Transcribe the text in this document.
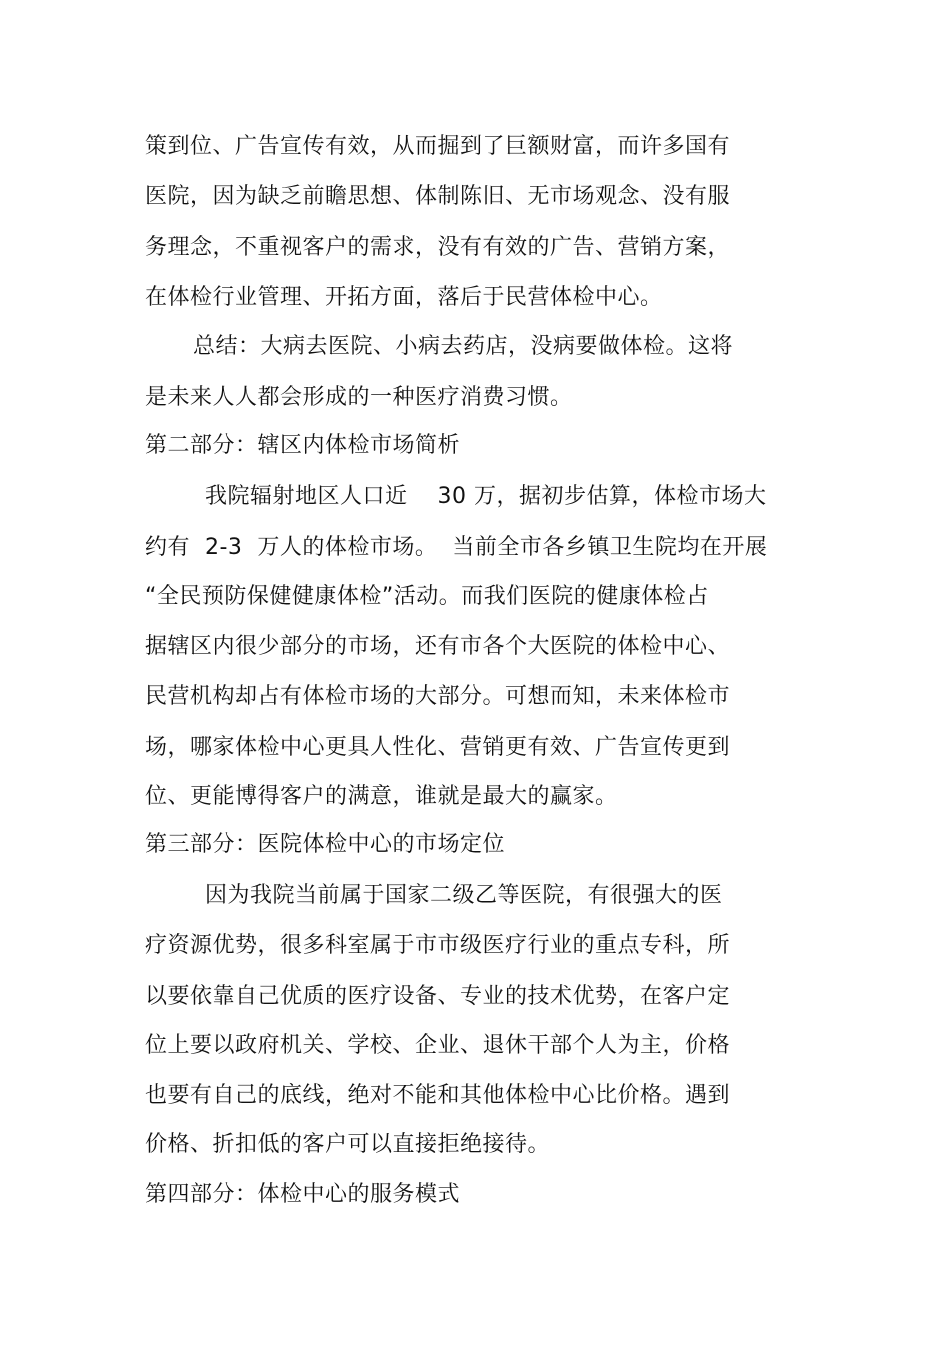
策到位、广告宣传有效，从而掘到了巨额财富，而许多国有
医院，因为缺乏前瞻思想、体制陈旧、无市场观念、没有服
务理念，不重视客户的需求，没有有效的广告、营销方案，
在体检行业管理、开拓方面，落后于民营体检中心。
总结：大病去医院、小病去药店，没病要做体检。这将
是未来人人都会形成的一种医疗消费习惯。
第二部分：辖区内体检市场简析
我院辐射地区人口近    30 万，据初步估算，体检市场大
约有  2-3  万人的体检市场。  当前全市各乡镇卫生院均在开展
“全民预防保健健康体检”活动。而我们医院的健康体检占
据辖区内很少部分的市场，还有市各个大医院的体检中心、
民营机构却占有体检市场的大部分。可想而知，未来体检市
场，哪家体检中心更具人性化、营销更有效、广告宣传更到
位、更能博得客户的满意，谁就是最大的赢家。
第三部分：医院体检中心的市场定位
因为我院当前属于国家二级乙等医院，有很强大的医
疗资源优势，很多科室属于市市级医疗行业的重点专科，所
以要依靠自己优质的医疗设备、专业的技术优势，在客户定
位上要以政府机关、学校、企业、退休干部个人为主，价格
也要有自己的底线，绝对不能和其他体检中心比价格。遇到
价格、折扣低的客户可以直接拒绝接待。
第四部分：体检中心的服务模式
